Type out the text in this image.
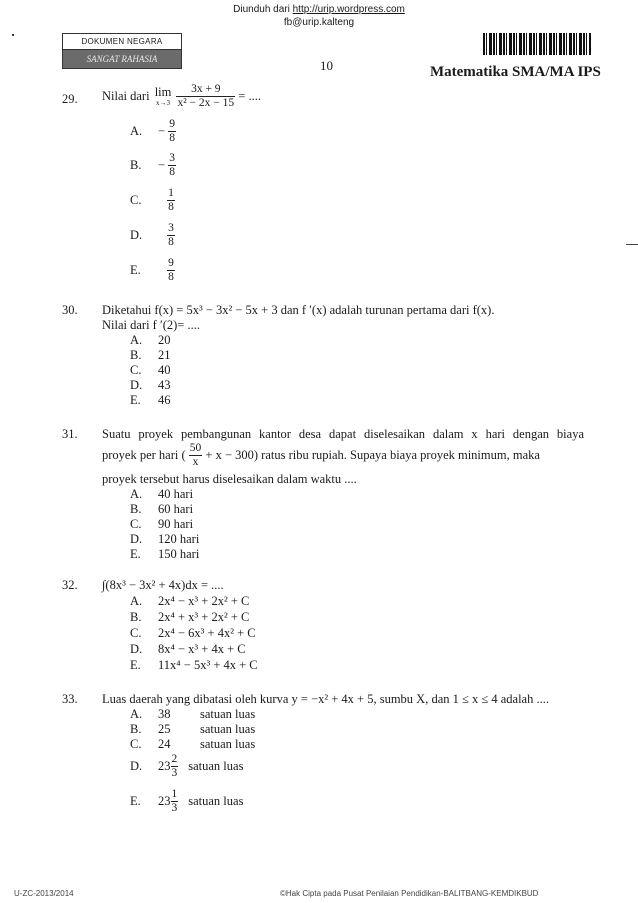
Diunduh dari http://urip.wordpress.com
fb@urip.kalteng
DOKUMEN NEGARA
SANGAT RAHASIA	10	Matematika SMA/MA IPS
29. Nilai dari lim
x→3
$\frac{3x + 9}{\text{x² − 2x − 15}}$ = ....
A. − $\frac{9}{8}$
B. − $\frac{3}{8}$
C. $\frac{1}{8}$
D. $\frac{3}{8}$
E. $\frac{9}{8}$
30. Diketahui f(x) = 5x³ − 3x² − 5x + 3 dan f ′(x) adalah turunan pertama dari f(x).
Nilai dari f ′(2)= ....
A. 20
B. 21
C. 40
D. 43
E. 46
31. Suatu proyek pembangunan kantor desa dapat diselesaikan dalam x hari dengan biaya
proyek per hari ( $\frac{50}{x} + x - 300$) ratus ribu rupiah. Supaya biaya proyek minimum, maka
proyek tersebut harus diselesaikan dalam waktu ....
A. 40 hari
B. 60 hari
C. 90 hari
D. 120 hari
E. 150 hari
32. ∫(8x³ − 3x² + 4x)dx = ....
A. 2x⁴ − x³ + 2x² + C
B. 2x⁴ + x³ + 2x² + C
C. 2x⁴ − 6x³ + 4x² + C
D. 8x⁴ − x³ + 4x + C
E. 11x⁴ − 5x³ + 4x + C
33. Luas daerah yang dibatasi oleh kurva y = −x² + 4x + 5, sumbu X, dan 1 ≤ x ≤ 4 adalah ....
A. 38 satuan luas
B. 25 satuan luas
C. 24 satuan luas
D. $23 \frac{2}{3}$ satuan luas
E. $23 \frac{1}{3}$ satuan luas
U-ZC-2013/2014	©Hak Cipta pada Pusat Penilaian Pendidikan-BALITBANG-KEMDIKBUD
